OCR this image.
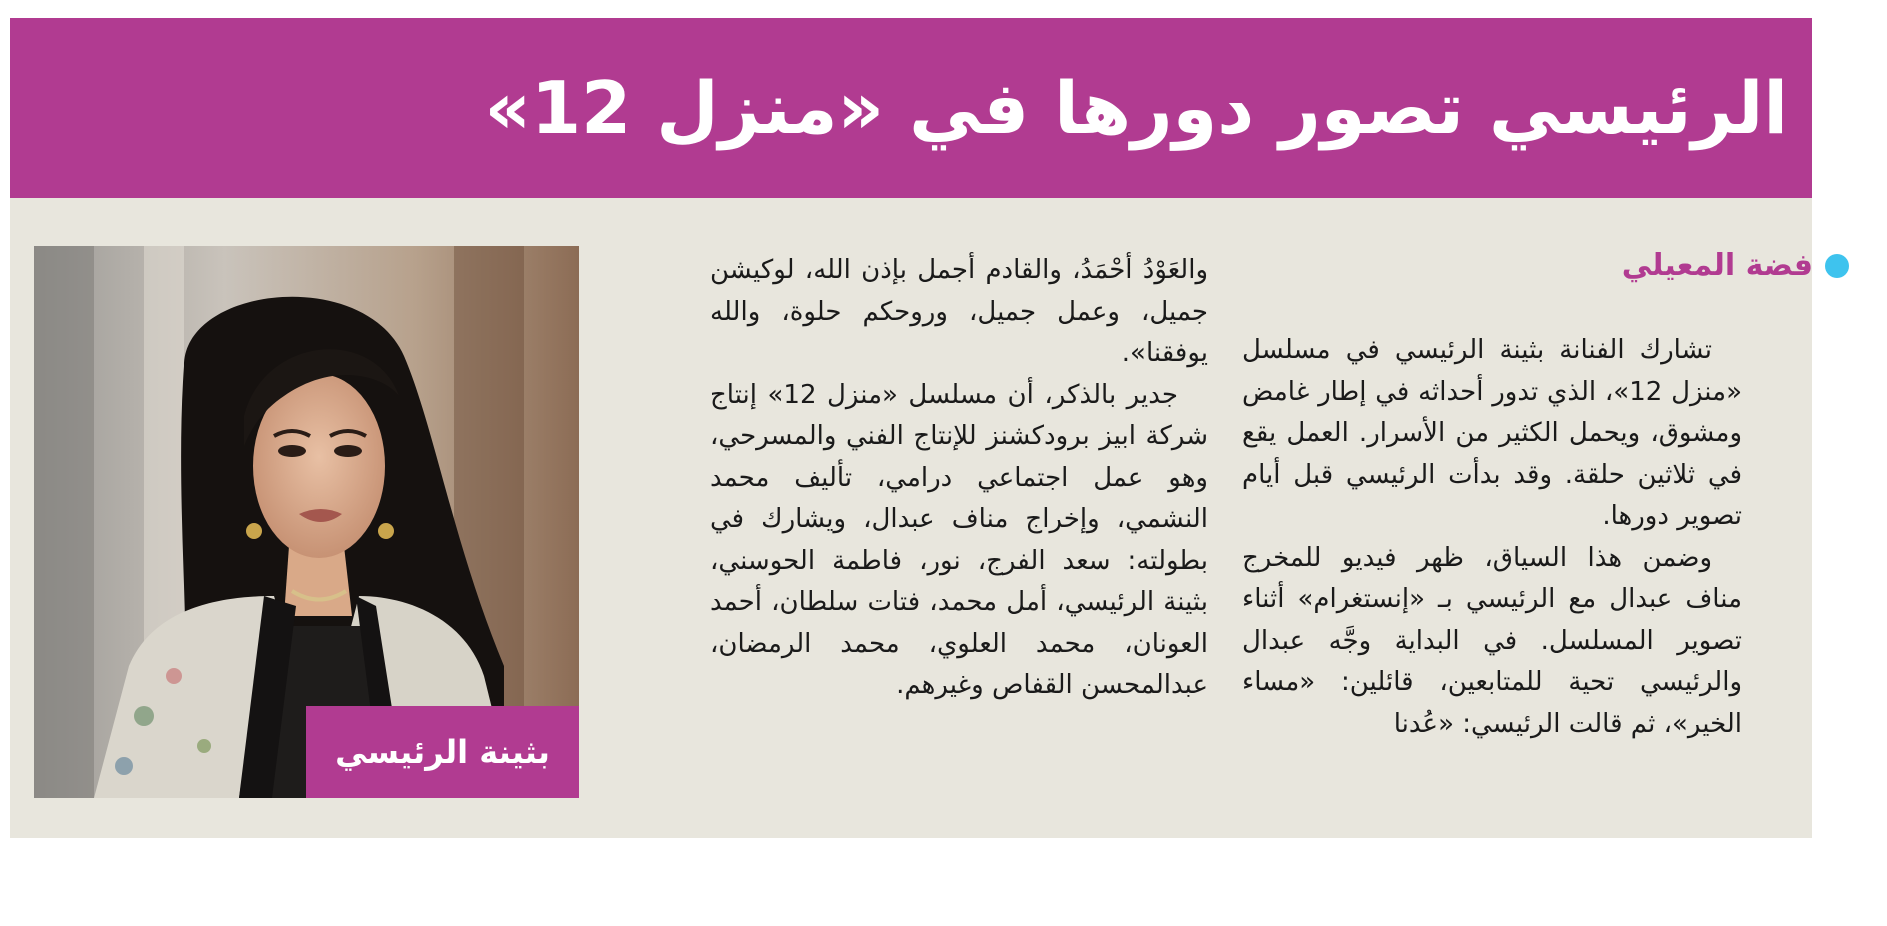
الرئيسي تصور دورها في «منزل 12»
فضة المعيلي

تشارك الفنانة بثينة الرئيسي في مسلسل «منزل 12»، الذي تدور أحداثه في إطار غامض ومشوق، ويحمل الكثير من الأسرار. العمل يقع في ثلاثين حلقة. وقد بدأت الرئيسي قبل أيام تصوير دورها.

وضمن هذا السياق، ظهر فيديو للمخرج مناف عبدال مع الرئيسي بـ «إنستغرام» أثناء تصوير المسلسل. في البداية وجَّه عبدال والرئيسي تحية للمتابعين، قائلين: «مساء الخير»، ثم قالت الرئيسي: «عُدنا

والعَوْدُ أحْمَدُ، والقادم أجمل بإذن الله، لوكيشن جميل، وعمل جميل، وروحكم حلوة، والله يوفقنا».

جدير بالذكر، أن مسلسل «منزل 12» إنتاج شركة ابيز برودكشنز للإنتاج الفني والمسرحي، وهو عمل اجتماعي درامي، تأليف محمد النشمي، وإخراج مناف عبدال، ويشارك في بطولته: سعد الفرج، نور، فاطمة الحوسني، بثينة الرئيسي، أمل محمد، فتات سلطان، أحمد العونان، محمد العلوي، محمد الرمضان، عبدالمحسن القفاص وغيرهم.

بثينة الرئيسي
